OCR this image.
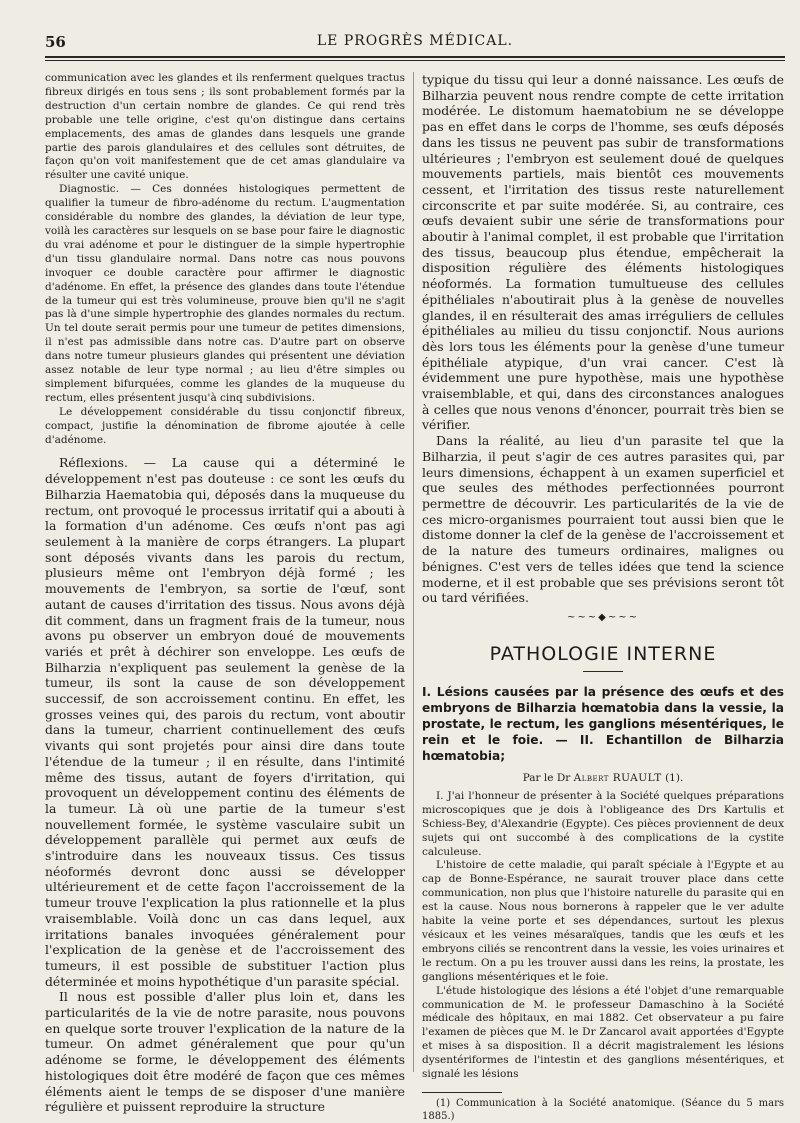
56	LE PROGRÈS MÉDICAL.

communication avec les glandes et ils renferment quelques tractus fibreux dirigés en tous sens ; ils sont probablement formés par la destruction d'un certain nombre de glandes. Ce qui rend très probable une telle origine, c'est qu'on distingue dans certains emplacements, des amas de glandes dans lesquels une grande partie des parois glandulaires et des cellules sont détruites, de façon qu'on voit manifestement que de cet amas glandulaire va résulter une cavité unique.

Diagnostic. — Ces données histologiques permettent de qualifier la tumeur de fibro-adénome du rectum. L'augmentation considérable du nombre des glandes, la déviation de leur type, voilà les caractères sur lesquels on se base pour faire le diagnostic du vrai adénome et pour le distinguer de la simple hypertrophie d'un tissu glandulaire normal. Dans notre cas nous pouvons invoquer ce double caractère pour affirmer le diagnostic d'adénome. En effet, la présence des glandes dans toute l'étendue de la tumeur qui est très volumineuse, prouve bien qu'il ne s'agit pas là d'une simple hypertrophie des glandes normales du rectum. Un tel doute serait permis pour une tumeur de petites dimensions, il n'est pas admissible dans notre cas. D'autre part on observe dans notre tumeur plusieurs glandes qui présentent une déviation assez notable de leur type normal ; au lieu d'être simples ou simplement bifurquées, comme les glandes de la muqueuse du rectum, elles présentent jusqu'à cinq subdivisions.

Le développement considérable du tissu conjonctif fibreux, compact, justifie la dénomination de fibrome ajoutée à celle d'adénome.

Réflexions. — La cause qui a déterminé le développement n'est pas douteuse : ce sont les œufs du Bilharzia Haematobia qui, déposés dans la muqueuse du rectum, ont provoqué le processus irritatif qui a abouti à la formation d'un adénome. Ces œufs n'ont pas agi seulement à la manière de corps étrangers. La plupart sont déposés vivants dans les parois du rectum, plusieurs même ont l'embryon déjà formé ; les mouvements de l'embryon, sa sortie de l'œuf, sont autant de causes d'irritation des tissus. Nous avons déjà dit comment, dans un fragment frais de la tumeur, nous avons pu observer un embryon doué de mouvements variés et prêt à déchirer son enveloppe. Les œufs de Bilharzia n'expliquent pas seulement la genèse de la tumeur, ils sont la cause de son développement successif, de son accroissement continu. En effet, les grosses veines qui, des parois du rectum, vont aboutir dans la tumeur, charrient continuellement des œufs vivants qui sont projetés pour ainsi dire dans toute l'étendue de la tumeur ; il en résulte, dans l'intimité même des tissus, autant de foyers d'irritation, qui provoquent un développement continu des éléments de la tumeur. Là où une partie de la tumeur s'est nouvellement formée, le système vasculaire subit un développement parallèle qui permet aux œufs de s'introduire dans les nouveaux tissus. Ces tissus néoformés devront donc aussi se développer ultérieurement et de cette façon l'accroissement de la tumeur trouve l'explication la plus rationnelle et la plus vraisemblable. Voilà donc un cas dans lequel, aux irritations banales invoquées généralement pour l'explication de la genèse et de l'accroissement des tumeurs, il est possible de substituer l'action plus déterminée et moins hypothétique d'un parasite spécial.

Il nous est possible d'aller plus loin et, dans les particularités de la vie de notre parasite, nous pouvons en quelque sorte trouver l'explication de la nature de la tumeur. On admet généralement que pour qu'un adénome se forme, le développement des éléments histologiques doit être modéré de façon que ces mêmes éléments aient le temps de se disposer d'une manière régulière et puissent reproduire la structure

typique du tissu qui leur a donné naissance. Les œufs de Bilharzia peuvent nous rendre compte de cette irritation modérée. Le distomum haematobium ne se développe pas en effet dans le corps de l'homme, ses œufs déposés dans les tissus ne peuvent pas subir de transformations ultérieures ; l'embryon est seulement doué de quelques mouvements partiels, mais bientôt ces mouvements cessent, et l'irritation des tissus reste naturellement circonscrite et par suite modérée. Si, au contraire, ces œufs devaient subir une série de transformations pour aboutir à l'animal complet, il est probable que l'irritation des tissus, beaucoup plus étendue, empêcherait la disposition régulière des éléments histologiques néoformés. La formation tumultueuse des cellules épithéliales n'aboutirait plus à la genèse de nouvelles glandes, il en résulterait des amas irréguliers de cellules épithéliales au milieu du tissu conjonctif. Nous aurions dès lors tous les éléments pour la genèse d'une tumeur épithéliale atypique, d'un vrai cancer. C'est là évidemment une pure hypothèse, mais une hypothèse vraisemblable, et qui, dans des circonstances analogues à celles que nous venons d'énoncer, pourrait très bien se vérifier.

Dans la réalité, au lieu d'un parasite tel que la Bilharzia, il peut s'agir de ces autres parasites qui, par leurs dimensions, échappent à un examen superficiel et que seules des méthodes perfectionnées pourront permettre de découvrir. Les particularités de la vie de ces micro-organismes pourraient tout aussi bien que le distome donner la clef de la genèse de l'accroissement et de la nature des tumeurs ordinaires, malignes ou bénignes. C'est vers de telles idées que tend la science moderne, et il est probable que ses prévisions seront tôt ou tard vérifiées.

~~~◆~~~
PATHOLOGIE INTERNE

I. Lésions causées par la présence des œufs et des embryons de Bilharzia hœmatobia dans la vessie, la prostate, le rectum, les ganglions mésentériques, le rein et le foie. — II. Echantillon de Bilharzia hœmatobia;

Par le Dr Albert RUAULT (1).

I. J'ai l'honneur de présenter à la Société quelques préparations microscopiques que je dois à l'obligeance des Drs Kartulis et Schiess-Bey, d'Alexandrie (Egypte). Ces pièces proviennent de deux sujets qui ont succombé à des complications de la cystite calculeuse.

L'histoire de cette maladie, qui paraît spéciale à l'Egypte et au cap de Bonne-Espérance, ne saurait trouver place dans cette communication, non plus que l'histoire naturelle du parasite qui en est la cause. Nous nous bornerons à rappeler que le ver adulte habite la veine porte et ses dépendances, surtout les plexus vésicaux et les veines mésaraïques, tandis que les œufs et les embryons ciliés se rencontrent dans la vessie, les voies urinaires et le rectum. On a pu les trouver aussi dans les reins, la prostate, les ganglions mésentériques et le foie.

L'étude histologique des lésions a été l'objet d'une remarquable communication de M. le professeur Damaschino à la Société médicale des hôpitaux, en mai 1882. Cet observateur a pu faire l'examen de pièces que M. le Dr Zancarol avait apportées d'Egypte et mises à sa disposition. Il a décrit magistralement les lésions dysentériformes de l'intestin et des ganglions mésentériques, et signalé les lésions

(1) Communication à la Société anatomique. (Séance du 5 mars 1885.)
